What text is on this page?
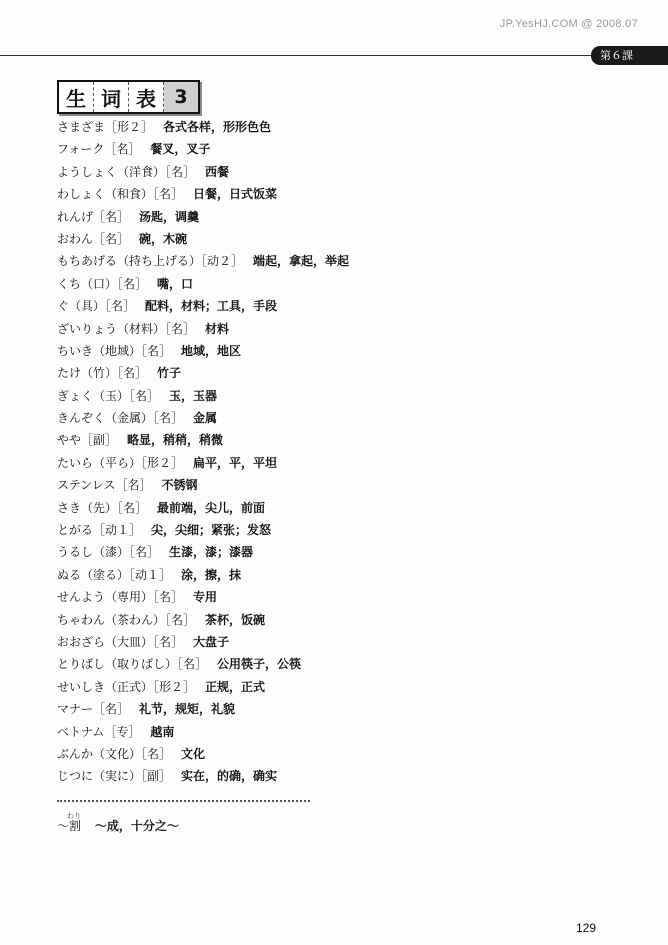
JP.YesHJ.COM @ 2008.07
第６課
生 词 表 3
さまざま［形２］ 各式各样，形形色色
フォーク［名］ 餐叉，叉子
ようしょく（洋食）［名］ 西餐
わしょく（和食）［名］ 日餐，日式饭菜
れんげ［名］ 汤匙，调羹
おわん［名］ 碗，木碗
もちあげる（持ち上げる）［动２］ 端起，拿起，举起
くち（口）［名］ 嘴，口
ぐ（具）［名］ 配料，材料；工具，手段
ざいりょう（材料）［名］ 材料
ちいき（地域）［名］ 地域，地区
たけ（竹）［名］ 竹子
ぎょく（玉）［名］ 玉，玉器
きんぞく（金属）［名］ 金属
やや［副］ 略显，稍稍，稍微
たいら（平ら）［形２］ 扁平，平，平坦
ステンレス［名］ 不锈钢
さき（先）［名］ 最前端，尖儿，前面
とがる［动１］ 尖，尖细；紧张；发怒
うるし（漆）［名］ 生漆，漆；漆器
ぬる（塗る）［动１］ 涂，擦，抹
せんよう（専用）［名］ 专用
ちゃわん（茶わん）［名］ 茶杯，饭碗
おおざら（大皿）［名］ 大盘子
とりばし（取りばし）［名］ 公用筷子，公筷
せいしき（正式）［形２］ 正规，正式
マナー［名］ 礼节，规矩，礼貌
ベトナム［专］ 越南
ぶんか（文化）［名］ 文化
じつに（実に）［副］ 实在，的确，确实
わり
～割 ～成，十分之～
129
